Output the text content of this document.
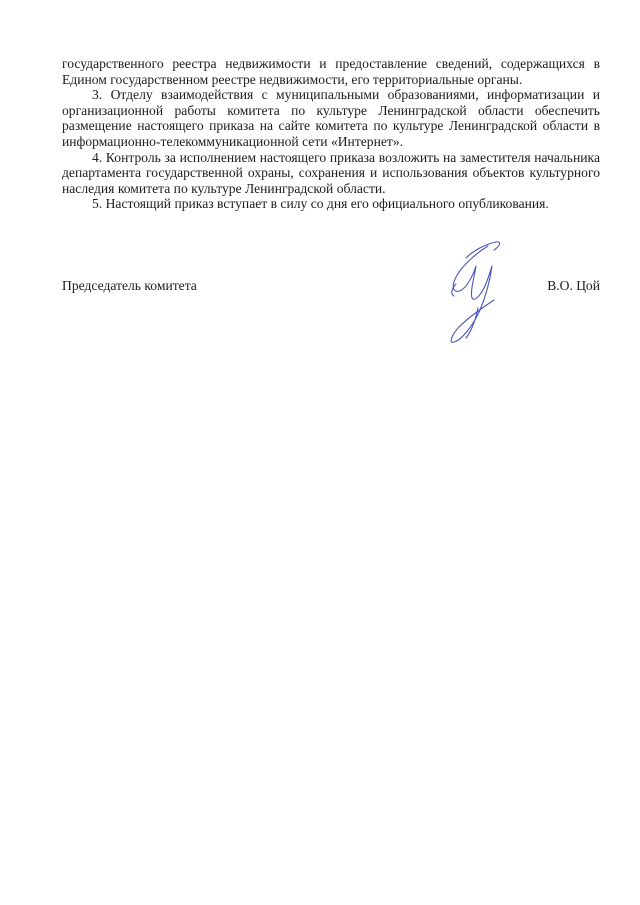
государственного реестра недвижимости и предоставление сведений, содержащихся в Едином государственном реестре недвижимости, его территориальные органы.

3. Отделу взаимодействия с муниципальными образованиями, информатизации и организационной работы комитета по культуре Ленинградской области обеспечить размещение настоящего приказа на сайте комитета по культуре Ленинградской области в информационно-телекоммуникационной сети «Интернет».

4. Контроль за исполнением настоящего приказа возложить на заместителя начальника департамента государственной охраны, сохранения и использования объектов культурного наследия комитета по культуре Ленинградской области.

5. Настоящий приказ вступает в силу со дня его официального опубликования.

Председатель комитета	В.О. Цой
